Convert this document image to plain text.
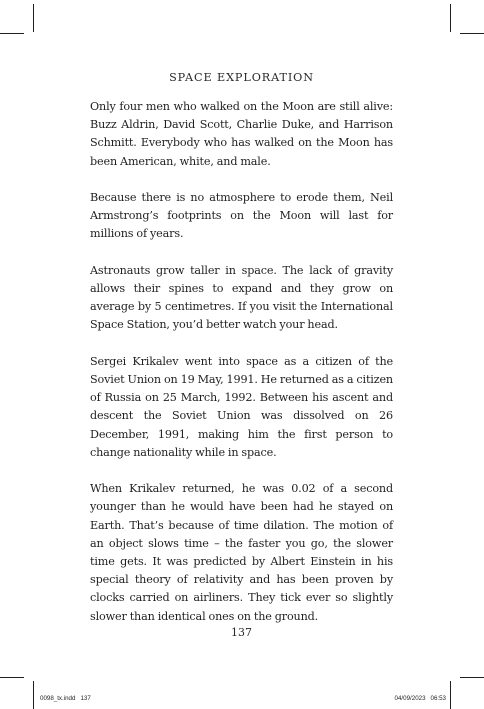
SPACE EXPLORATION

Only four men who walked on the Moon are still alive: Buzz Aldrin, David Scott, Charlie Duke, and Harrison Schmitt. Everybody who has walked on the Moon has been American, white, and male.

Because there is no atmosphere to erode them, Neil Armstrong’s footprints on the Moon will last for millions of years.

Astronauts grow taller in space. The lack of gravity allows their spines to expand and they grow on average by 5 centimetres. If you visit the International Space Station, you’d better watch your head.

Sergei Krikalev went into space as a citizen of the Soviet Union on 19 May, 1991. He returned as a citizen of Russia on 25 March, 1992. Between his ascent and descent the Soviet Union was dissolved on 26 December, 1991, making him the first person to change nationality while in space.

When Krikalev returned, he was 0.02 of a second younger than he would have been had he stayed on Earth. That’s because of time dilation. The motion of an object slows time – the faster you go, the slower time gets. It was predicted by Albert Einstein in his special theory of relativity and has been proven by clocks carried on airliners. They tick ever so slightly slower than identical ones on the ground.

137
0098_tx.indd 137	04/09/2023 06:53
